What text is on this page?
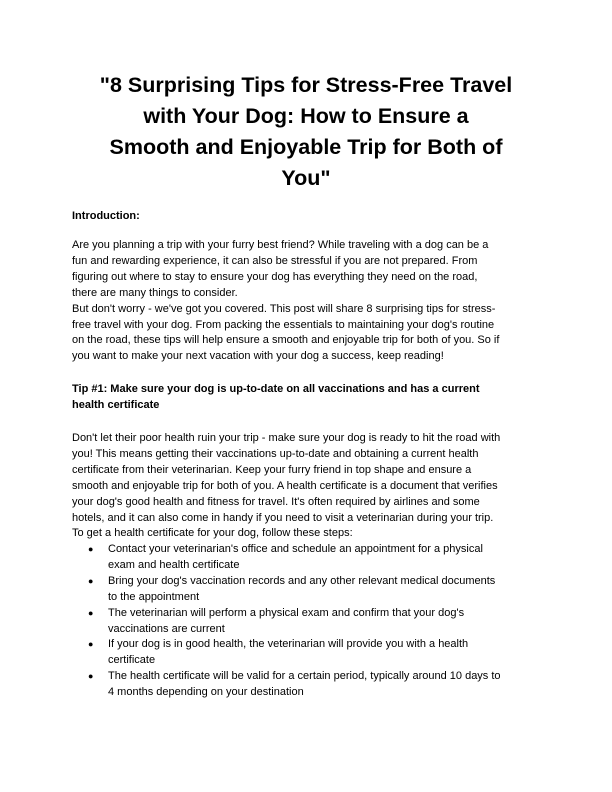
"8 Surprising Tips for Stress-Free Travel
with Your Dog: How to Ensure a
Smooth and Enjoyable Trip for Both of
You"

Introduction:

Are you planning a trip with your furry best friend? While traveling with a dog can be a
fun and rewarding experience, it can also be stressful if you are not prepared. From
figuring out where to stay to ensure your dog has everything they need on the road,
there are many things to consider.

But don't worry - we've got you covered. This post will share 8 surprising tips for stress-
free travel with your dog. From packing the essentials to maintaining your dog's routine
on the road, these tips will help ensure a smooth and enjoyable trip for both of you. So if
you want to make your next vacation with your dog a success, keep reading!

Tip #1: Make sure your dog is up-to-date on all vaccinations and has a current
health certificate

Don't let their poor health ruin your trip - make sure your dog is ready to hit the road with
you! This means getting their vaccinations up-to-date and obtaining a current health
certificate from their veterinarian. Keep your furry friend in top shape and ensure a
smooth and enjoyable trip for both of you. A health certificate is a document that verifies
your dog's good health and fitness for travel. It's often required by airlines and some
hotels, and it can also come in handy if you need to visit a veterinarian during your trip.
To get a health certificate for your dog, follow these steps:

● Contact your veterinarian's office and schedule an appointment for a physical
exam and health certificate
● Bring your dog's vaccination records and any other relevant medical documents
to the appointment
● The veterinarian will perform a physical exam and confirm that your dog's
vaccinations are current
● If your dog is in good health, the veterinarian will provide you with a health
certificate
● The health certificate will be valid for a certain period, typically around 10 days to
4 months depending on your destination
